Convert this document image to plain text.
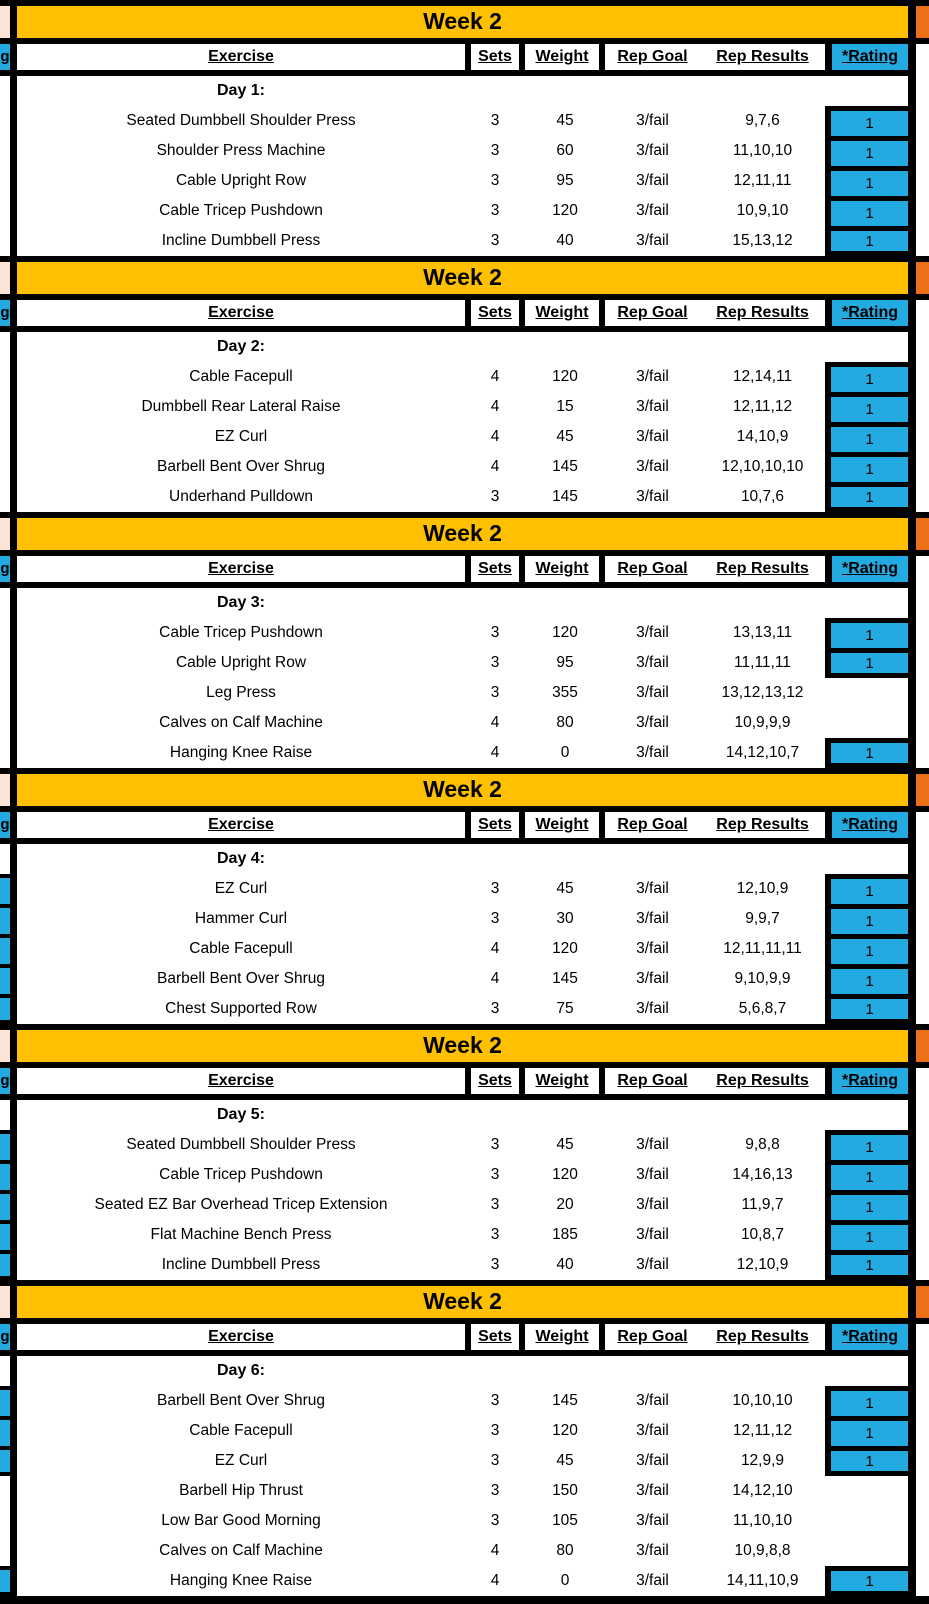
Week 2
g	Exercise	Sets	Weight	Rep Goal	Rep Results	*Rating
Day 1:
Seated Dumbbell Shoulder Press	3	45	3/fail	9,7,6	1
Shoulder Press Machine	3	60	3/fail	11,10,10	1
Cable Upright Row	3	95	3/fail	12,11,11	1
Cable Tricep Pushdown	3	120	3/fail	10,9,10	1
Incline Dumbbell Press	3	40	3/fail	15,13,12	1
Week 2
g	Exercise	Sets	Weight	Rep Goal	Rep Results	*Rating
Day 2:
Cable Facepull	4	120	3/fail	12,14,11	1
Dumbbell Rear Lateral Raise	4	15	3/fail	12,11,12	1
EZ Curl	4	45	3/fail	14,10,9	1
Barbell Bent Over Shrug	4	145	3/fail	12,10,10,10	1
Underhand Pulldown	3	145	3/fail	10,7,6	1
Week 2
g	Exercise	Sets	Weight	Rep Goal	Rep Results	*Rating
Day 3:
Cable Tricep Pushdown	3	120	3/fail	13,13,11	1
Cable Upright Row	3	95	3/fail	11,11,11	1
Leg Press	3	355	3/fail	13,12,13,12
Calves on Calf Machine	4	80	3/fail	10,9,9,9
Hanging Knee Raise	4	0	3/fail	14,12,10,7	1
Week 2
g	Exercise	Sets	Weight	Rep Goal	Rep Results	*Rating
Day 4:
EZ Curl	3	45	3/fail	12,10,9	1
Hammer Curl	3	30	3/fail	9,9,7	1
Cable Facepull	4	120	3/fail	12,11,11,11	1
Barbell Bent Over Shrug	4	145	3/fail	9,10,9,9	1
Chest Supported Row	3	75	3/fail	5,6,8,7	1
Week 2
g	Exercise	Sets	Weight	Rep Goal	Rep Results	*Rating
Day 5:
Seated Dumbbell Shoulder Press	3	45	3/fail	9,8,8	1
Cable Tricep Pushdown	3	120	3/fail	14,16,13	1
Seated EZ Bar Overhead Tricep Extension	3	20	3/fail	11,9,7	1
Flat Machine Bench Press	3	185	3/fail	10,8,7	1
Incline Dumbbell Press	3	40	3/fail	12,10,9	1
Week 2
g	Exercise	Sets	Weight	Rep Goal	Rep Results	*Rating
Day 6:
Barbell Bent Over Shrug	3	145	3/fail	10,10,10	1
Cable Facepull	3	120	3/fail	12,11,12	1
EZ Curl	3	45	3/fail	12,9,9	1
Barbell Hip Thrust	3	150	3/fail	14,12,10
Low Bar Good Morning	3	105	3/fail	11,10,10
Calves on Calf Machine	4	80	3/fail	10,9,8,8
Hanging Knee Raise	4	0	3/fail	14,11,10,9	1
